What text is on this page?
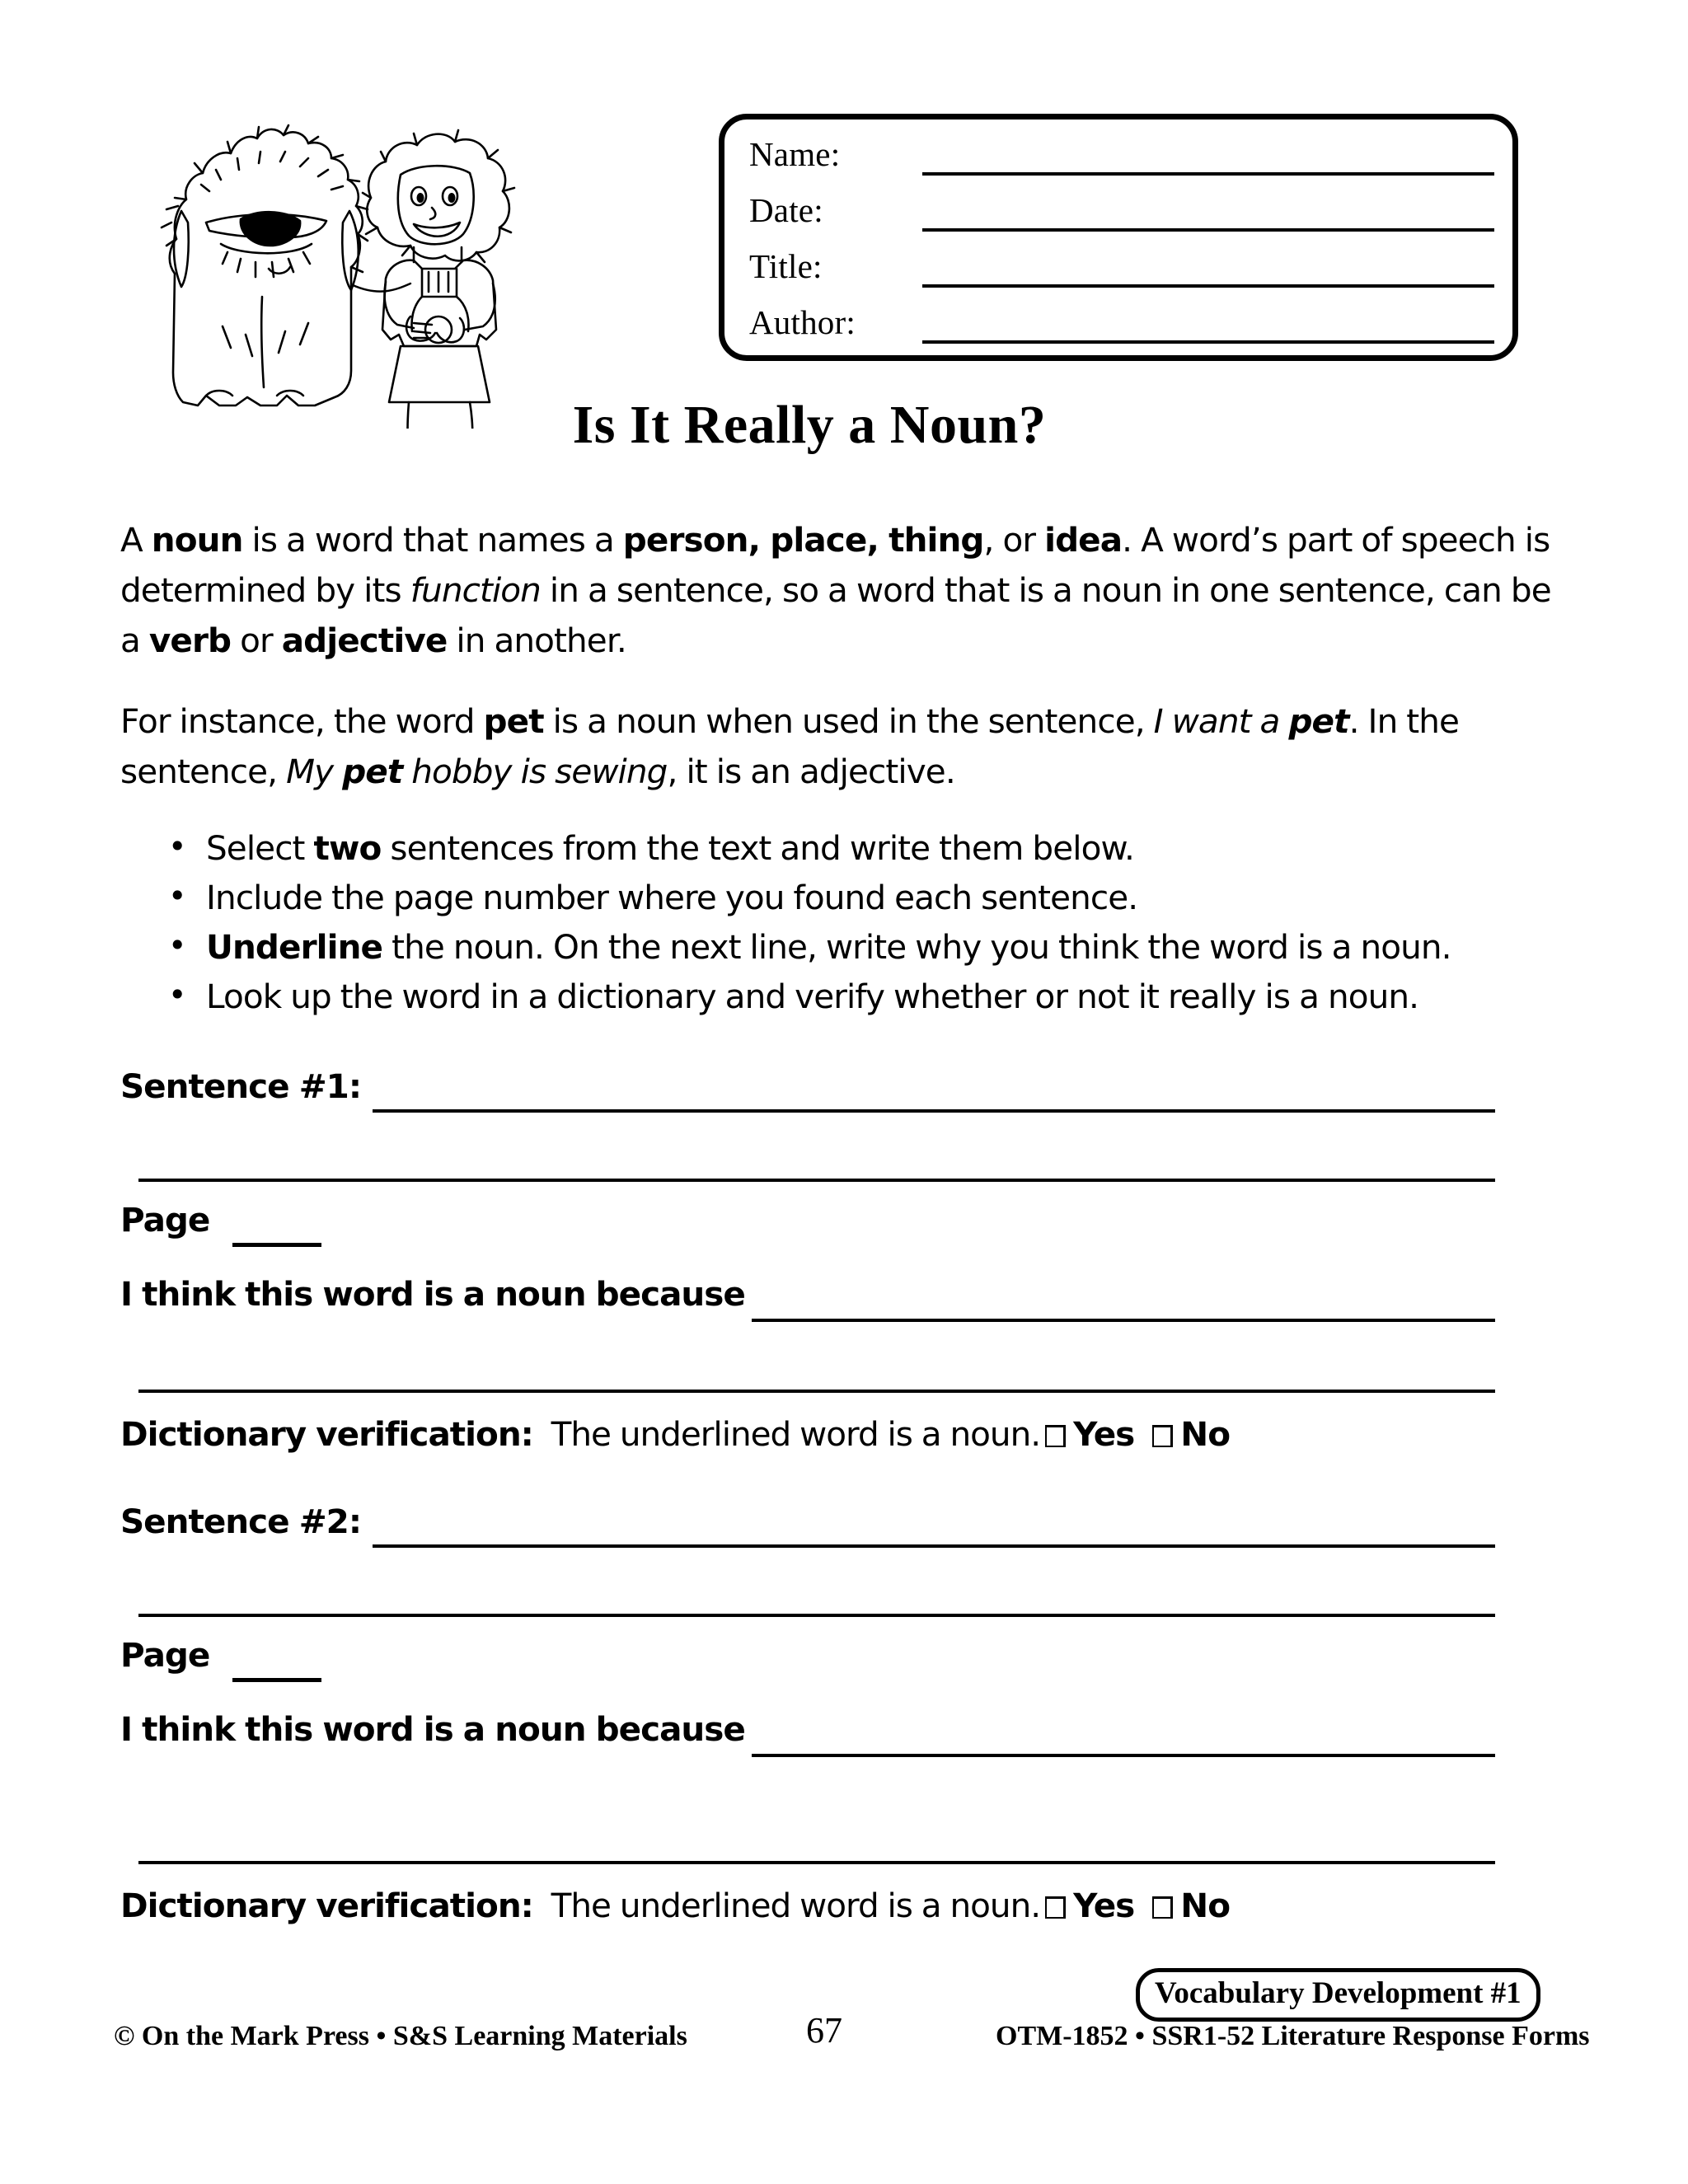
Name:
Date:
Title:
Author:
Is It Really a Noun?
A noun is a word that names a person, place, thing, or idea. A word’s part of speech is determined by its function in a sentence, so a word that is a noun in one sentence, can be a verb or adjective in another.
For instance, the word pet is a noun when used in the sentence, I want a pet. In the sentence, My pet hobby is sewing, it is an adjective.
• Select two sentences from the text and write them below.
• Include the page number where you found each sentence.
• Underline the noun. On the next line, write why you think the word is a noun.
• Look up the word in a dictionary and verify whether or not it really is a noun.
Sentence #1:
Page
I think this word is a noun because
Dictionary verification: The underlined word is a noun. Yes No
Sentence #2:
Page
I think this word is a noun because
Dictionary verification: The underlined word is a noun. Yes No
Vocabulary Development #1
© On the Mark Press • S&S Learning Materials	67	OTM-1852 • SSR1-52 Literature Response Forms
